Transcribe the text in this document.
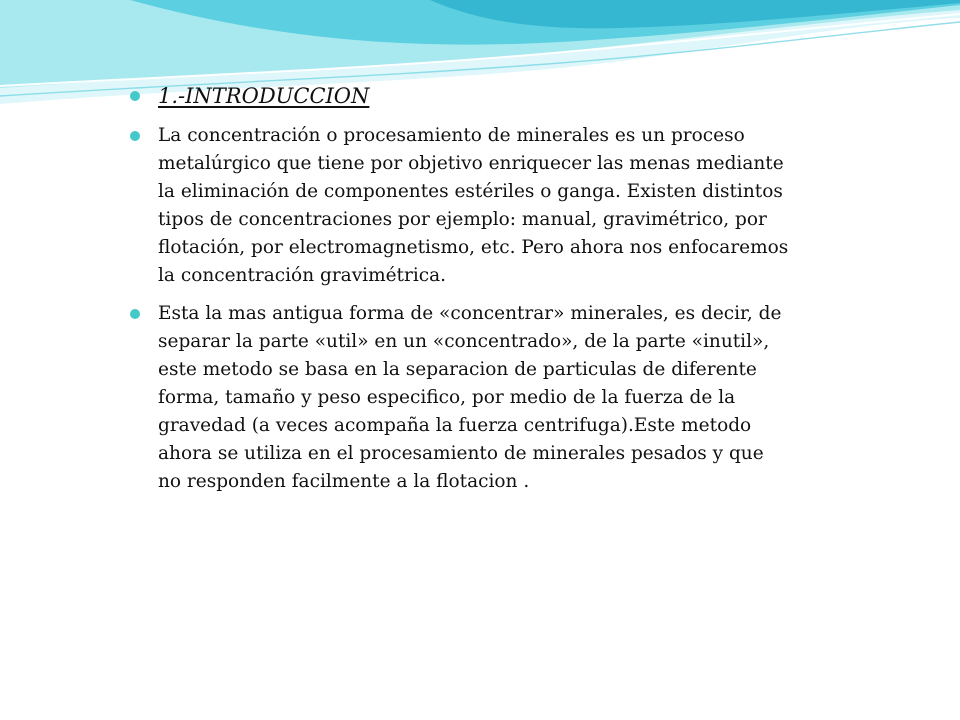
1.-INTRODUCCION
La concentración o procesamiento de minerales es un proceso metalúrgico que tiene por objetivo enriquecer las menas mediante la eliminación de componentes estériles o ganga. Existen distintos tipos de concentraciones por ejemplo: manual, gravimétrico, por flotación, por electromagnetismo, etc. Pero ahora nos enfocaremos la concentración gravimétrica.
Esta la mas antigua forma de «concentrar» minerales, es decir, de separar la parte «util» en un «concentrado», de la parte «inutil», este metodo se basa en la separacion de particulas de diferente forma, tamaño y peso especifico, por medio de la fuerza de la gravedad (a veces acompaña la fuerza centrifuga).Este metodo ahora se utiliza en el procesamiento de minerales pesados y que no responden facilmente a la flotacion .
